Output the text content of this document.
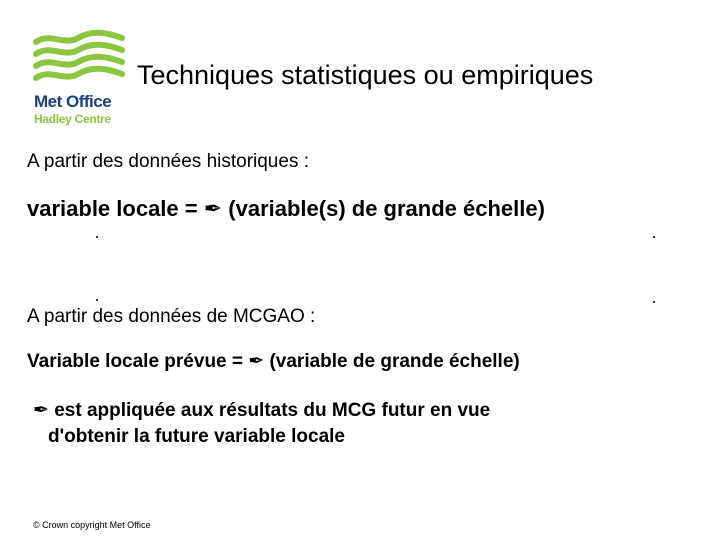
Met Office
Hadley Centre
Techniques statistiques ou empiriques
A partir des données historiques :
variable locale = ✒ (variable(s) de grande échelle)
A partir des données de MCGAO :
Variable locale prévue = ✒ (variable de grande échelle)
✒ est appliquée aux résultats du MCG futur en vue
d'obtenir la future variable locale
© Crown copyright Met Office
